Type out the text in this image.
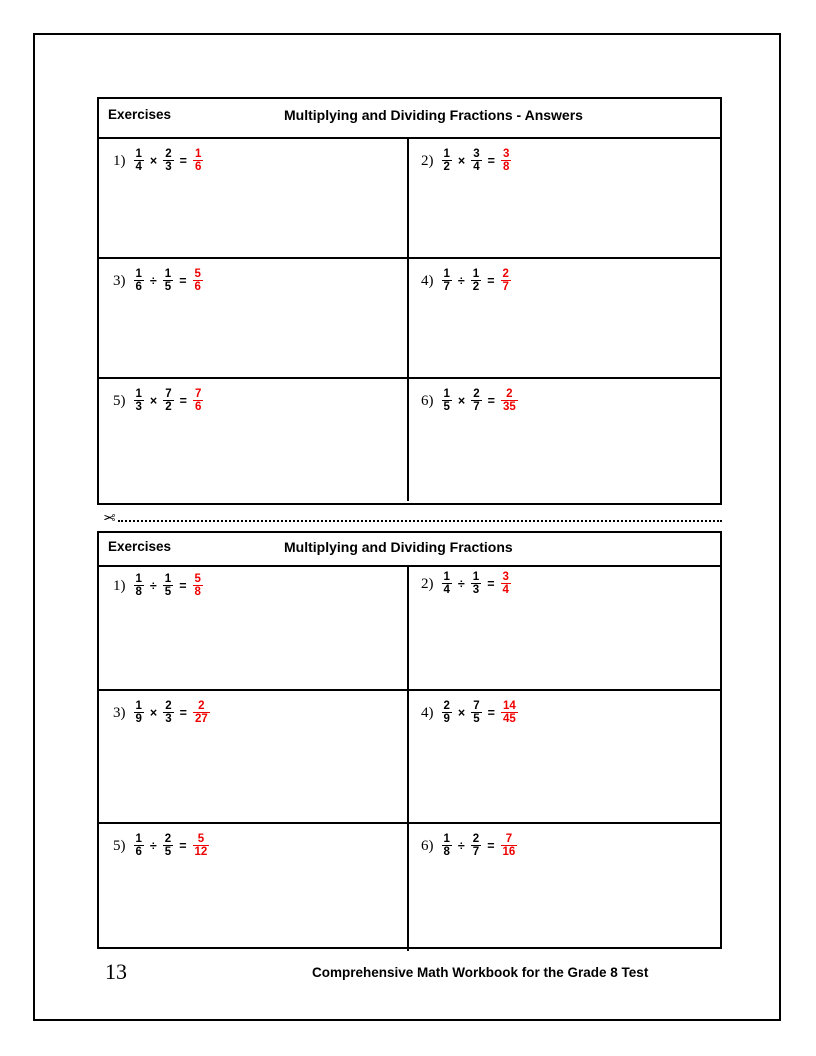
Exercises	Multiplying and Dividing Fractions - Answers
$1) \frac{1}{4} \times \frac{2}{3} = \frac{1}{6}$	$2) \frac{1}{2} \times \frac{3}{4} = \frac{3}{8}$
$3) \frac{1}{6} \div \frac{1}{5} = \frac{5}{6}$	$4) \frac{1}{7} \div \frac{1}{2} = \frac{2}{7}$
$5) \frac{1}{3} \times \frac{7}{2} = \frac{7}{6}$	$6) \frac{1}{5} \times \frac{2}{7} = \frac{2}{35}$
✂
Exercises	Multiplying and Dividing Fractions
$1) \frac{1}{8} \div \frac{1}{5} = \frac{5}{8}$	$2) \frac{1}{4} \div \frac{1}{3} = \frac{3}{4}$
$3) \frac{1}{9} \times \frac{2}{3} = \frac{2}{27}$	$4) \frac{2}{9} \times \frac{7}{5} = \frac{14}{45}$
$5) \frac{1}{6} \div \frac{2}{5} = \frac{5}{12}$	$6) \frac{1}{8} \div \frac{2}{7} = \frac{7}{16}$
13	Comprehensive Math Workbook for the Grade 8 Test
